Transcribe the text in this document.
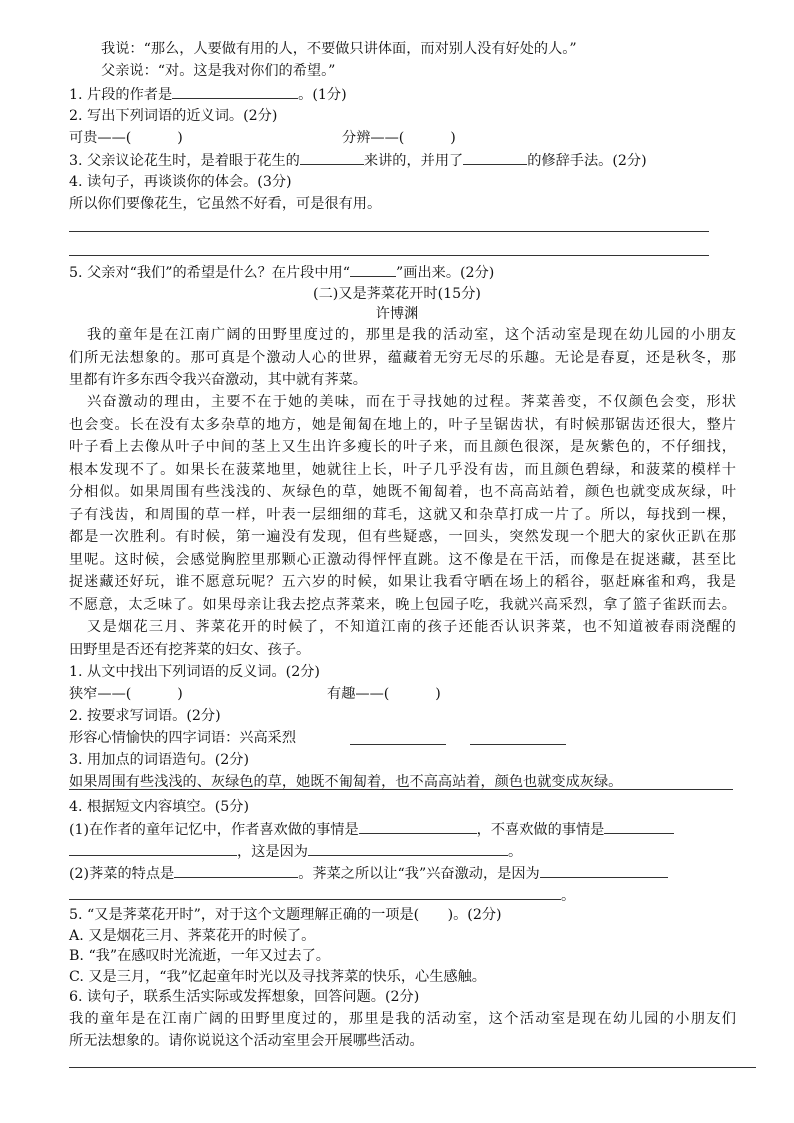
我说：“那么，人要做有用的人，不要做只讲体面，而对别人没有好处的人。”
父亲说：“对。这是我对你们的希望。”
1. 片段的作者是	。(1分)
2. 写出下列词语的近义词。(2分)
可贵——(	)	分辨——(	)
3. 父亲议论花生时，是着眼于花生的	来讲的，并用了	的修辞手法。(2分)
4. 读句子，再谈谈你的体会。(3分)
所以你们要像花生，它虽然不好看，可是很有用。
5. 父亲对“我们”的希望是什么？在片段中用“	”画出来。(2分)
(二)又是荠菜花开时(15分)
许博渊
我的童年是在江南广阔的田野里度过的，那里是我的活动室，这个活动室是现在幼儿园的小朋友
们所无法想象的。那可真是个激动人心的世界，蕴藏着无穷无尽的乐趣。无论是春夏，还是秋冬，那
里都有许多东西令我兴奋激动，其中就有荠菜。
兴奋激动的理由，主要不在于她的美味，而在于寻找她的过程。荠菜善变，不仅颜色会变，形状
也会变。长在没有太多杂草的地方，她是匍匐在地上的，叶子呈锯齿状，有时候那锯齿还很大，整片
叶子看上去像从叶子中间的茎上又生出许多瘦长的叶子来，而且颜色很深，是灰紫色的，不仔细找，
根本发现不了。如果长在菠菜地里，她就往上长，叶子几乎没有齿，而且颜色碧绿，和菠菜的模样十
分相似。如果周围有些浅浅的、灰绿色的草，她既不匍匐着，也不高高站着，颜色也就变成灰绿，叶
子有浅齿，和周围的草一样，叶表一层细细的茸毛，这就又和杂草打成一片了。所以，每找到一棵，
都是一次胜利。有时候，第一遍没有发现，但有些疑惑，一回头，突然发现一个肥大的家伙正趴在那
里呢。这时候，会感觉胸腔里那颗心正激动得怦怦直跳。这不像是在干活，而像是在捉迷藏，甚至比
捉迷藏还好玩，谁不愿意玩呢？五六岁的时候，如果让我看守晒在场上的稻谷，驱赶麻雀和鸡，我是
不愿意，太乏味了。如果母亲让我去挖点荠菜来，晚上包园子吃，我就兴高采烈，拿了篮子雀跃而去。
又是烟花三月、荠菜花开的时候了，不知道江南的孩子还能否认识荠菜，也不知道被春雨浇醒的
田野里是否还有挖荠菜的妇女、孩子。
1. 从文中找出下列词语的反义词。(2分)
狭窄——(	)	有趣——(	)
2. 按要求写词语。(2分)
形容心情愉快的四字词语：兴高采烈
3. 用加点的词语造句。(2分)
如果周围有些浅浅的、灰绿色的草，她既不匍匐着，也不高高站着，颜色也就变成灰绿。
4. 根据短文内容填空。(5分)
(1)在作者的童年记忆中，作者喜欢做的事情是	，不喜欢做的事情是
，这是因为	。
(2)荠菜的特点是	。荠菜之所以让“我”兴奋激动，是因为
。
5. “又是荠菜花开时”，对于这个文题理解正确的一项是(　　)。(2分)
A. 又是烟花三月、荠菜花开的时候了。
B. “我”在感叹时光流逝，一年又过去了。
C. 又是三月，“我”忆起童年时光以及寻找荠菜的快乐，心生感触。
6. 读句子，联系生活实际或发挥想象，回答问题。(2分)
我的童年是在江南广阔的田野里度过的，那里是我的活动室，这个活动室是现在幼儿园的小朋友们
所无法想象的。请你说说这个活动室里会开展哪些活动。
